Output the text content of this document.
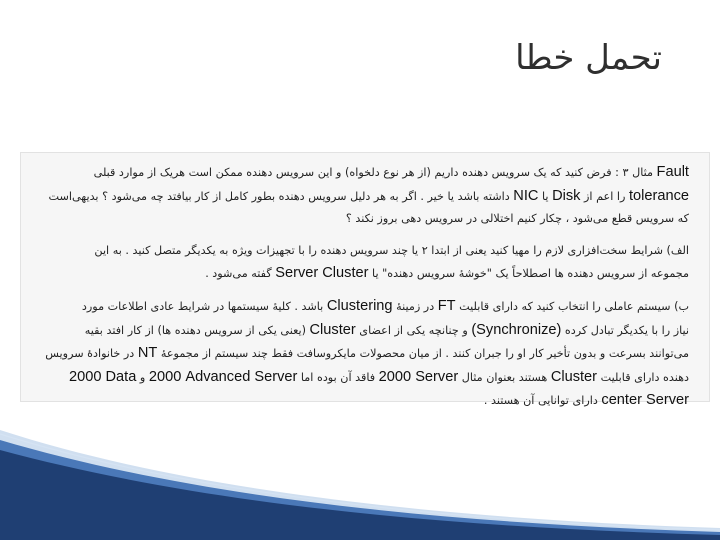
تحمل خطا

Fault مثال ۳ : فرض کنید که یک سرویس دهنده داریم (از هر نوع دلخواه) و این سرویس دهنده ممکن است هریک از موارد قبلی tolerance را اعم از Disk یا NIC داشته باشد یا خیر . اگر به هر دلیل سرویس دهنده بطور کامل از کار بیافتد چه می‌شود ؟ بدیهی‌است
که سرویس قطع می‌شود ، چکار کنیم اختلالی در سرویس دهی بروز نکند ؟

الف) شرایط سخت‌افزاری لازم را مهیا کنید یعنی از ابتدا ۲ یا چند سرویس دهنده را با تجهیزات ویژه به یکدیگر متصل کنید . به این
مجموعه از سرویس دهنده ها اصطلاحاً یک "خوشهٔ سرویس دهنده" یا Server Cluster گفته می‌شود .

ب) سیستم عاملی را انتخاب کنید که دارای قابلیت FT در زمینهٔ Clustering باشد . کلیهٔ سیستمها در شرایط عادی اطلاعات مورد
نیاز را با یکدیگر تبادل کرده (Synchronize) و چنانچه یکی از اعضای Cluster (یعنی یکی از سرویس دهنده ها) از کار افتد بقیه
می‌توانند بسرعت و بدون تأخیر کار او را جبران کنند . از میان محصولات مایکروسافت فقط چند سیستم از مجموعهٔ NT در خانوادهٔ سرویس
دهنده دارای قابلیت Cluster هستند بعنوان مثال 2000 Server فاقد آن بوده اما 2000 Advanced Server و 2000 Data
center Server دارای توانایی آن هستند .
